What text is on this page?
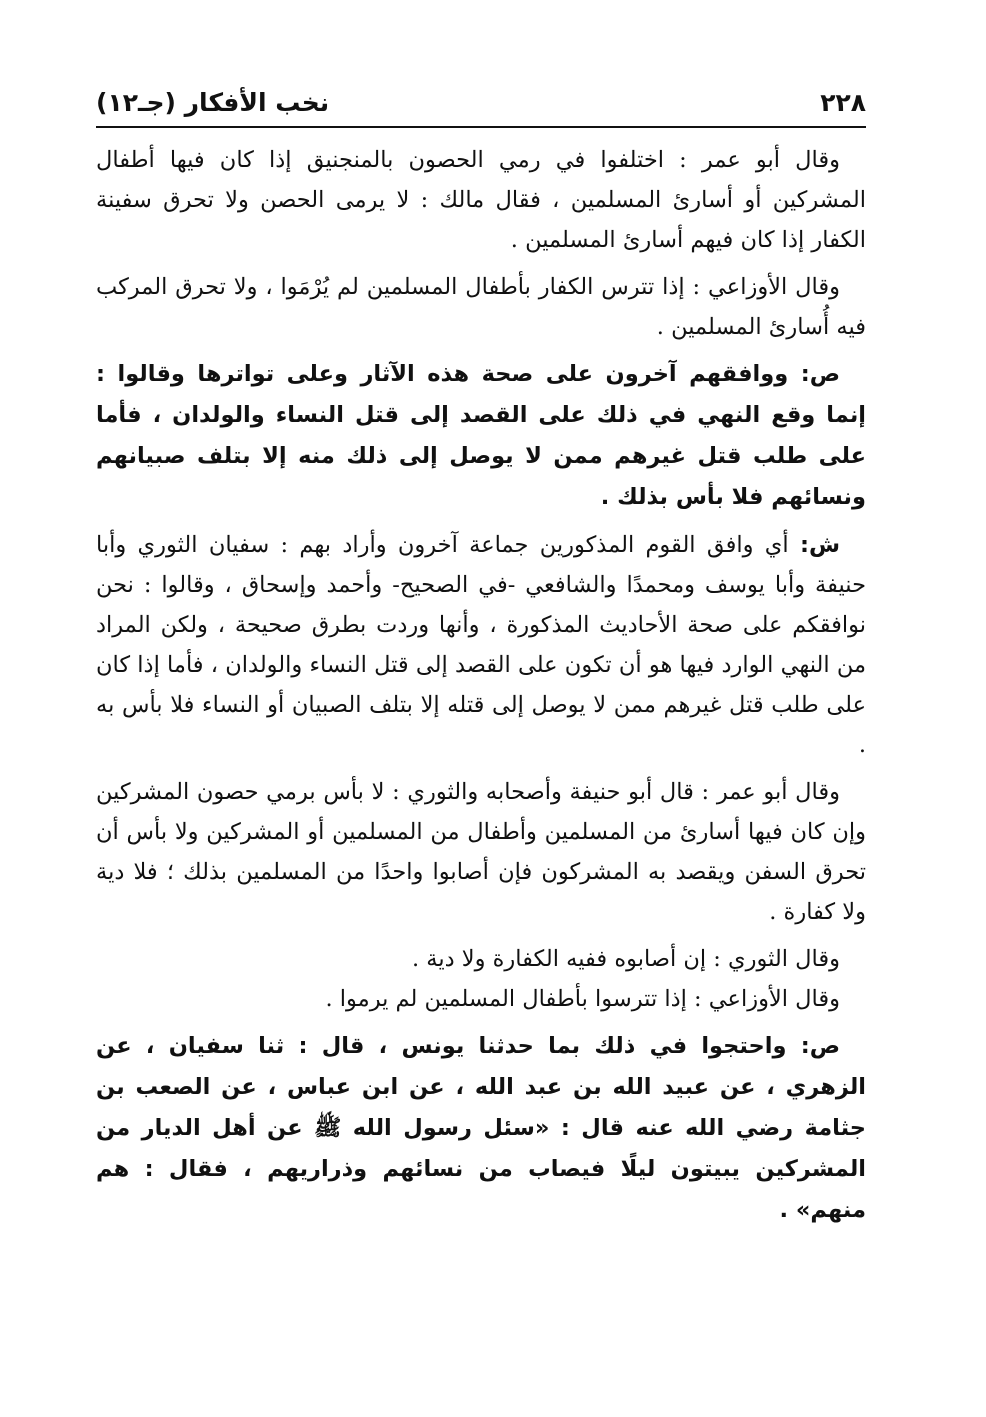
٢٢٨
نخب الأفكار (جـ١٢)

وقال أبو عمر : اختلفوا في رمي الحصون بالمنجنيق إذا كان فيها أطفال المشركين أو أسارئ المسلمين ، فقال مالك : لا يرمى الحصن ولا تحرق سفينة الكفار إذا كان فيهم أسارئ المسلمين .

وقال الأوزاعي : إذا تترس الكفار بأطفال المسلمين لم يُرْمَوا ، ولا تحرق المركب فيه أُسارئ المسلمين .

ص: ووافقهم آخرون على صحة هذه الآثار وعلى تواترها وقالوا : إنما وقع النهي في ذلك على القصد إلى قتل النساء والولدان ، فأما على طلب قتل غيرهم ممن لا يوصل إلى ذلك منه إلا بتلف صبيانهم ونسائهم فلا بأس بذلك .

ش: أي وافق القوم المذكورين جماعة آخرون وأراد بهم : سفيان الثوري وأبا حنيفة وأبا يوسف ومحمدًا والشافعي -في الصحيح- وأحمد وإسحاق ، وقالوا : نحن نوافقكم على صحة الأحاديث المذكورة ، وأنها وردت بطرق صحيحة ، ولكن المراد من النهي الوارد فيها هو أن تكون على القصد إلى قتل النساء والولدان ، فأما إذا كان على طلب قتل غيرهم ممن لا يوصل إلى قتله إلا بتلف الصبيان أو النساء فلا بأس به .

وقال أبو عمر : قال أبو حنيفة وأصحابه والثوري : لا بأس برمي حصون المشركين وإن كان فيها أسارئ من المسلمين وأطفال من المسلمين أو المشركين ولا بأس أن تحرق السفن ويقصد به المشركون فإن أصابوا واحدًا من المسلمين بذلك ؛ فلا دية ولا كفارة .

وقال الثوري : إن أصابوه ففيه الكفارة ولا دية .

وقال الأوزاعي : إذا تترسوا بأطفال المسلمين لم يرموا .

ص: واحتجوا في ذلك بما حدثنا يونس ، قال : ثنا سفيان ، عن الزهري ، عن عبيد الله بن عبد الله ، عن ابن عباس ، عن الصعب بن جثامة رضي الله عنه قال : «سئل رسول الله ﷺ عن أهل الديار من المشركين يبيتون ليلًا فيصاب من نسائهم وذراريهم ، فقال : هم منهم» .
